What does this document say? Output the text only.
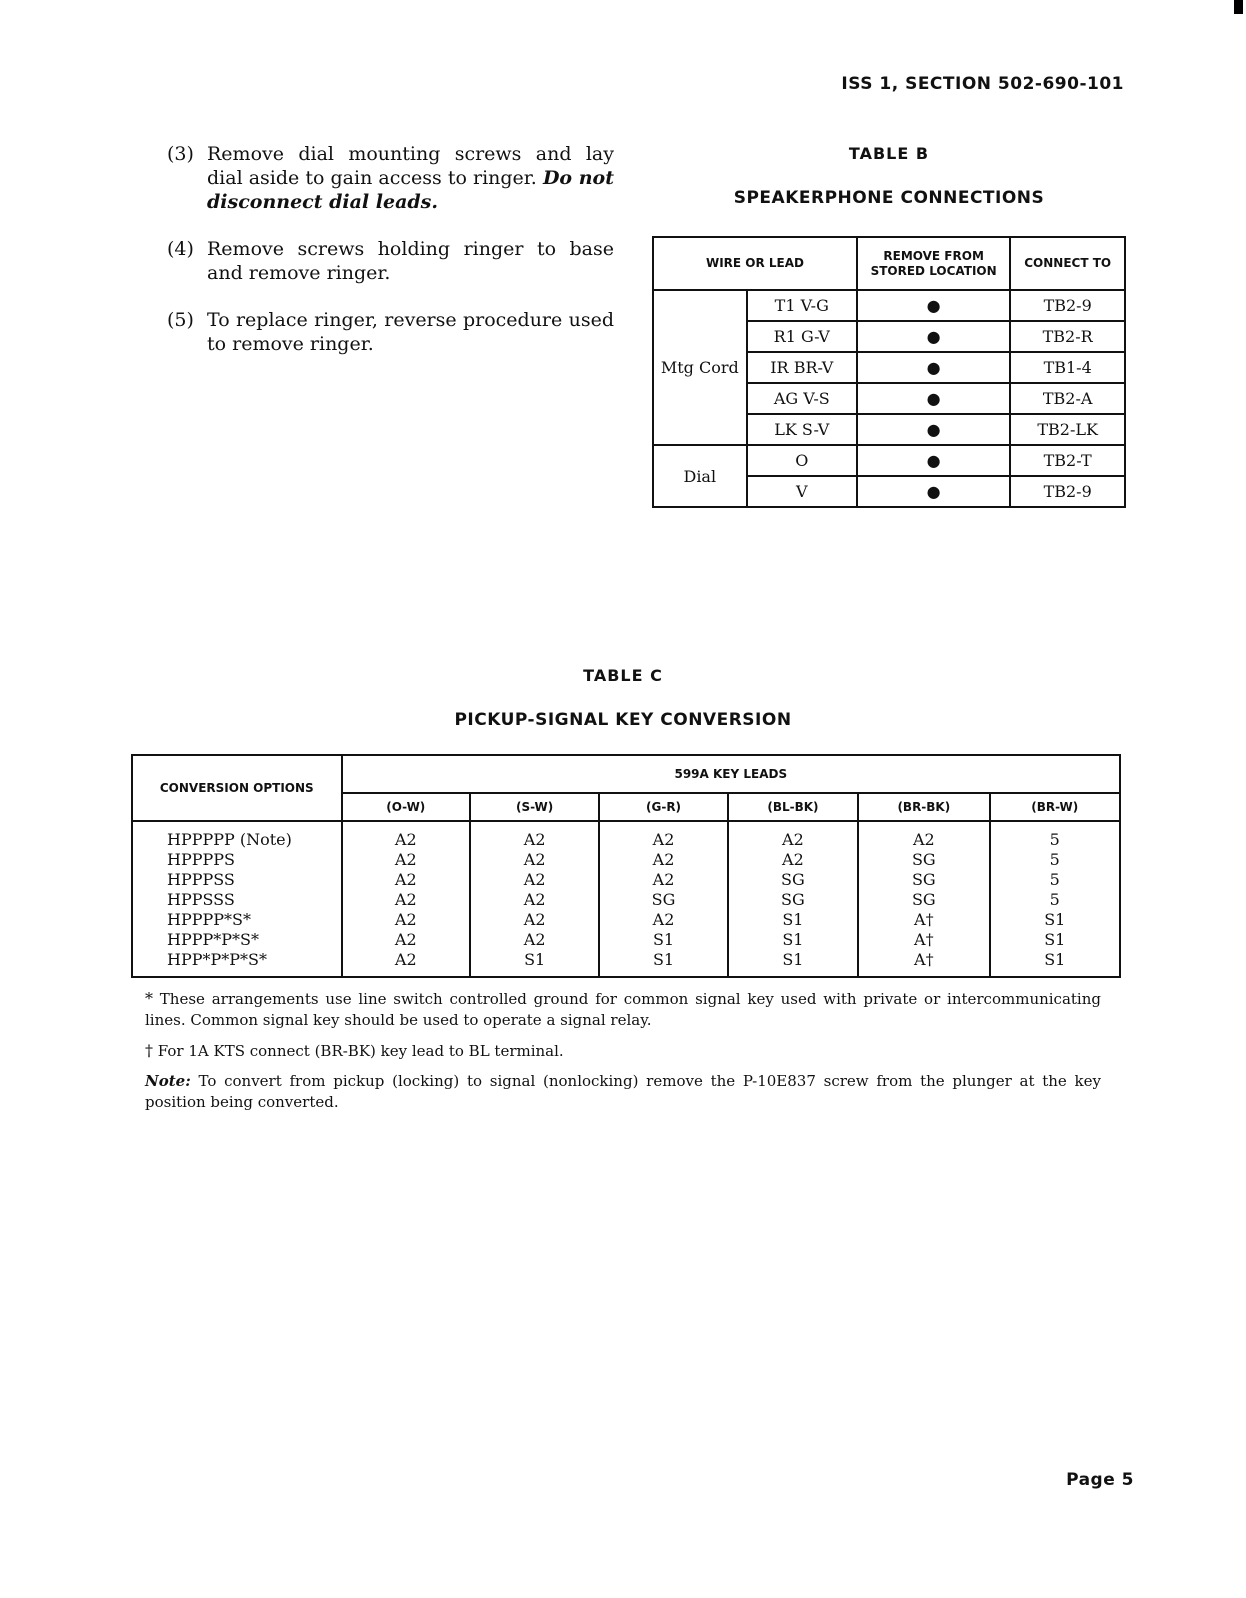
ISS 1, SECTION 502-690-101
(3) Remove dial mounting screws and lay dial aside to gain access to ringer. Do not disconnect dial leads.
(4) Remove screws holding ringer to base and remove ringer.
(5) To replace ringer, reverse procedure used to remove ringer.
TABLE B
SPEAKERPHONE CONNECTIONS
WIRE OR LEAD		REMOVE FROM STORED LOCATION	CONNECT TO
Mtg Cord	T1 V-G	●	TB2-9
	R1 G-V	●	TB2-R
	IR BR-V	●	TB1-4
	AG V-S	●	TB2-A
	LK S-V	●	TB2-LK
Dial	O	●	TB2-T
	V	●	TB2-9
TABLE C
PICKUP-SIGNAL KEY CONVERSION
CONVERSION OPTIONS	599A KEY LEADS					
	(O-W)	(S-W)	(G-R)	(BL-BK)	(BR-BK)	(BR-W)
HPPPPP (Note)	A2	A2	A2	A2	A2	5
HPPPPS	A2	A2	A2	A2	SG	5
HPPPSS	A2	A2	A2	SG	SG	5
HPPSSS	A2	A2	SG	SG	SG	5
HPPPP*S*	A2	A2	A2	S1	A†	S1
HPPP*P*S*	A2	A2	S1	S1	A†	S1
HPP*P*P*S*	A2	S1	S1	S1	A†	S1
* These arrangements use line switch controlled ground for common signal key used with private or intercommunicating lines. Common signal key should be used to operate a signal relay.
† For 1A KTS connect (BR-BK) key lead to BL terminal.
Note: To convert from pickup (locking) to signal (nonlocking) remove the P-10E837 screw from the plunger at the key position being converted.
Page 5
